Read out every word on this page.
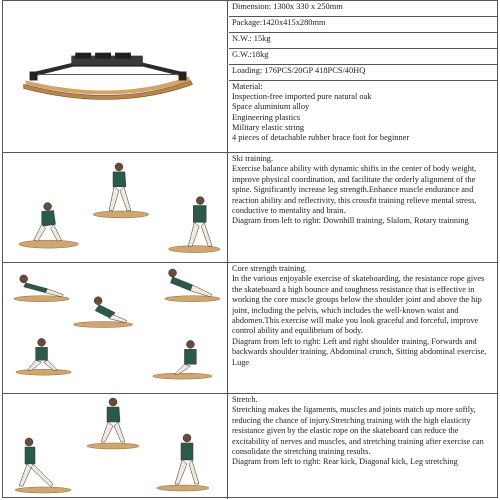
Dimension: 1300x 330 x 250mm
Package:1420x415x280mm
N.W.: 15kg
G.W.:18kg
Loading: 176PCS/20GP 418PCS/40HQ
Material:
Inspection-free imported pure natural oak
Space aluminium alloy
Engineering plastics
Military elastic string
4 pieces of detachable rubber brace foot for beginner
Ski training.
Exercise balance ability with dynamic shifts in the center of body weight, improve physical coordination, and facilitate the orderly alignment of the spine. Significantly increase leg strength.Enhance muscle endurance and reaction ability and reflectivity, this crossfit training relieve mental stress, conductive to mentality and brain.
Diagram from left to right: Downhill training, Slalom, Rotary trainning
Core strength training.
In the various enjoyable exercise of skateboarding, the resistance rope gives the skateboard a high bounce and toughness resistance that is effective in working the core muscle groups below the shoulder joint and above the hip joint, including the pelvis, which includes the well-known waist and abdomen.This exercise will make you look graceful and forceful, improve control ability and equilibrium of body.
Diagram from left to right: Left and right shoulder training, Forwards and backwards shoulder training, Abdominal crunch, Sitting abdominal exercise, Luge
Stretch.
Stretching makes the ligaments, muscles and joints match up more softly, reducing the chance of injury.Stretching training with the high elasticity resistance given by the elastic rope on the skateboard can reduce the excitability of nerves and muscles, and stretching training after exercise can consolidate the stretching training results.
Diagram from left to right: Rear kick, Diagonal kick, Leg stretching
